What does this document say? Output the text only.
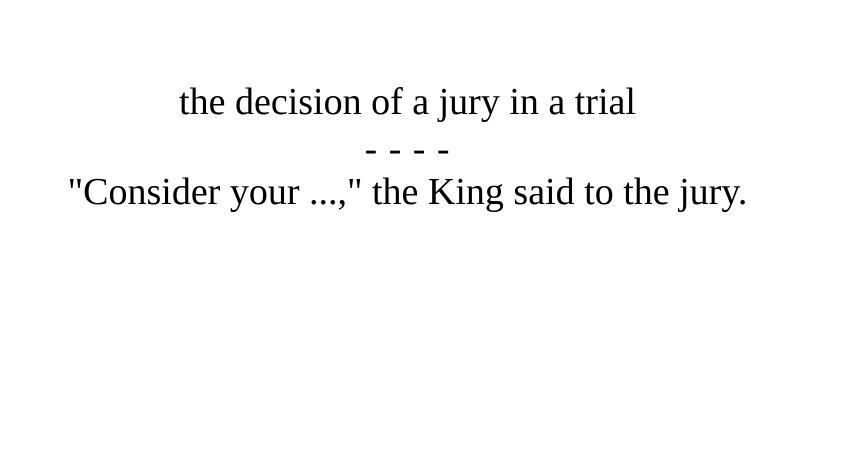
the decision of a jury in a trial
- - - -
"Consider your ...," the King said to the jury.
